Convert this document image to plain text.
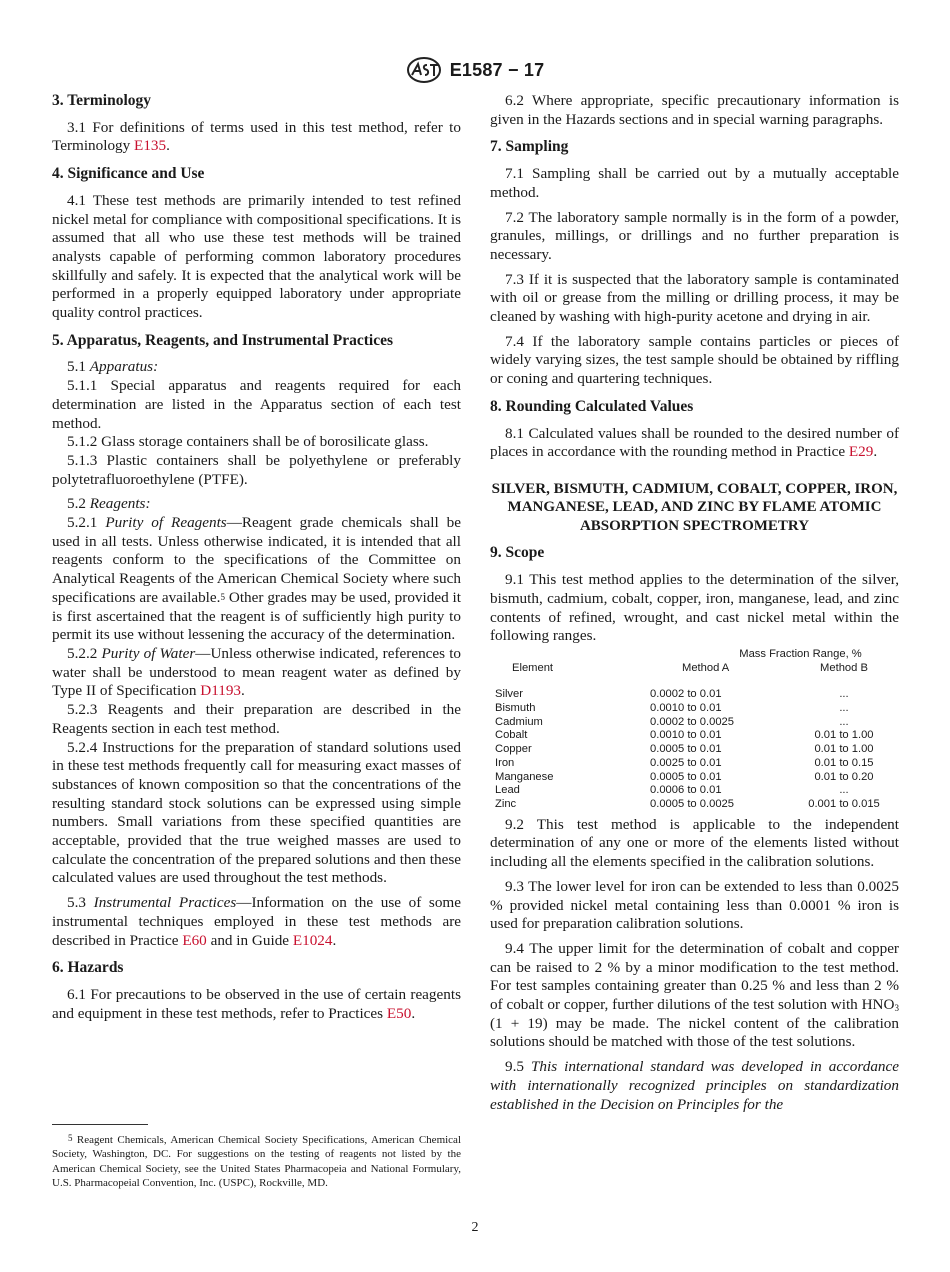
E1587 − 17
3. Terminology

3.1 For definitions of terms used in this test method, refer to Terminology E135.

4. Significance and Use

4.1 These test methods are primarily intended to test refined nickel metal for compliance with compositional specifications. It is assumed that all who use these test methods will be trained analysts capable of performing common laboratory procedures skillfully and safely. It is expected that the analytical work will be performed in a properly equipped laboratory under appropriate quality control practices.

5. Apparatus, Reagents, and Instrumental Practices

5.1 Apparatus:

5.1.1 Special apparatus and reagents required for each determination are listed in the Apparatus section of each test method.

5.1.2 Glass storage containers shall be of borosilicate glass.

5.1.3 Plastic containers shall be polyethylene or preferably polytetrafluoroethylene (PTFE).

5.2 Reagents:

5.2.1 Purity of Reagents—Reagent grade chemicals shall be used in all tests. Unless otherwise indicated, it is intended that all reagents conform to the specifications of the Committee on Analytical Reagents of the American Chemical Society where such specifications are available.$^5$ Other grades may be used, provided it is first ascertained that the reagent is of sufficiently high purity to permit its use without lessening the accuracy of the determination.

5.2.2 Purity of Water—Unless otherwise indicated, references to water shall be understood to mean reagent water as defined by Type II of Specification D1193.

5.2.3 Reagents and their preparation are described in the Reagents section in each test method.

5.2.4 Instructions for the preparation of standard solutions used in these test methods frequently call for measuring exact masses of substances of known composition so that the concentrations of the resulting standard stock solutions can be expressed using simple numbers. Small variations from these specified quantities are acceptable, provided that the true weighed masses are used to calculate the concentration of the prepared solutions and then these calculated values are used throughout the test methods.

5.3 Instrumental Practices—Information on the use of some instrumental techniques employed in these test methods are described in Practice E60 and in Guide E1024.

6. Hazards

6.1 For precautions to be observed in the use of certain reagents and equipment in these test methods, refer to Practices E50.

6.2 Where appropriate, specific precautionary information is given in the Hazards sections and in special warning paragraphs.

7. Sampling

7.1 Sampling shall be carried out by a mutually acceptable method.

7.2 The laboratory sample normally is in the form of a powder, granules, millings, or drillings and no further preparation is necessary.

7.3 If it is suspected that the laboratory sample is contaminated with oil or grease from the milling or drilling process, it may be cleaned by washing with high-purity acetone and drying in air.

7.4 If the laboratory sample contains particles or pieces of widely varying sizes, the test sample should be obtained by riffling or coning and quartering techniques.

8. Rounding Calculated Values

8.1 Calculated values shall be rounded to the desired number of places in accordance with the rounding method in Practice E29.

SILVER, BISMUTH, CADMIUM, COBALT, COPPER, IRON, MANGANESE, LEAD, AND ZINC BY FLAME ATOMIC ABSORPTION SPECTROMETRY
9. Scope

9.1 This test method applies to the determination of the silver, bismuth, cadmium, cobalt, copper, iron, manganese, lead, and zinc contents of refined, wrought, and cast nickel metal within the following ranges.

	Mass Fraction Range, %	
Element	Method A	Method B

Silver	0.0002 to 0.01	...
Bismuth	0.0010 to 0.01	...
Cadmium	0.0002 to 0.0025	...
Cobalt	0.0010 to 0.01	0.01 to 1.00
Copper	0.0005 to 0.01	0.01 to 1.00
Iron	0.0025 to 0.01	0.01 to 0.15
Manganese	0.0005 to 0.01	0.01 to 0.20
Lead	0.0006 to 0.01	...
Zinc	0.0005 to 0.0025	0.001 to 0.015

9.2 This test method is applicable to the independent determination of any one or more of the elements listed without including all the elements specified in the calibration solutions.

9.3 The lower level for iron can be extended to less than 0.0025 % provided nickel metal containing less than 0.0001 % iron is used for preparation calibration solutions.

9.4 The upper limit for the determination of cobalt and copper can be raised to 2 % by a minor modification to the test method. For test samples containing greater than 0.25 % and less than 2 % of cobalt or copper, further dilutions of the test solution with $HNO_3$ (1 + 19) may be made. The nickel content of the calibration solutions should be matched with those of the test solutions.

9.5 This international standard was developed in accordance with internationally recognized principles on standardization established in the Decision on Principles for the

$^5$ Reagent Chemicals, American Chemical Society Specifications, American Chemical Society, Washington, DC. For suggestions on the testing of reagents not listed by the American Chemical Society, see the United States Pharmacopeia and National Formulary, U.S. Pharmacopeial Convention, Inc. (USPC), Rockville, MD.
2
